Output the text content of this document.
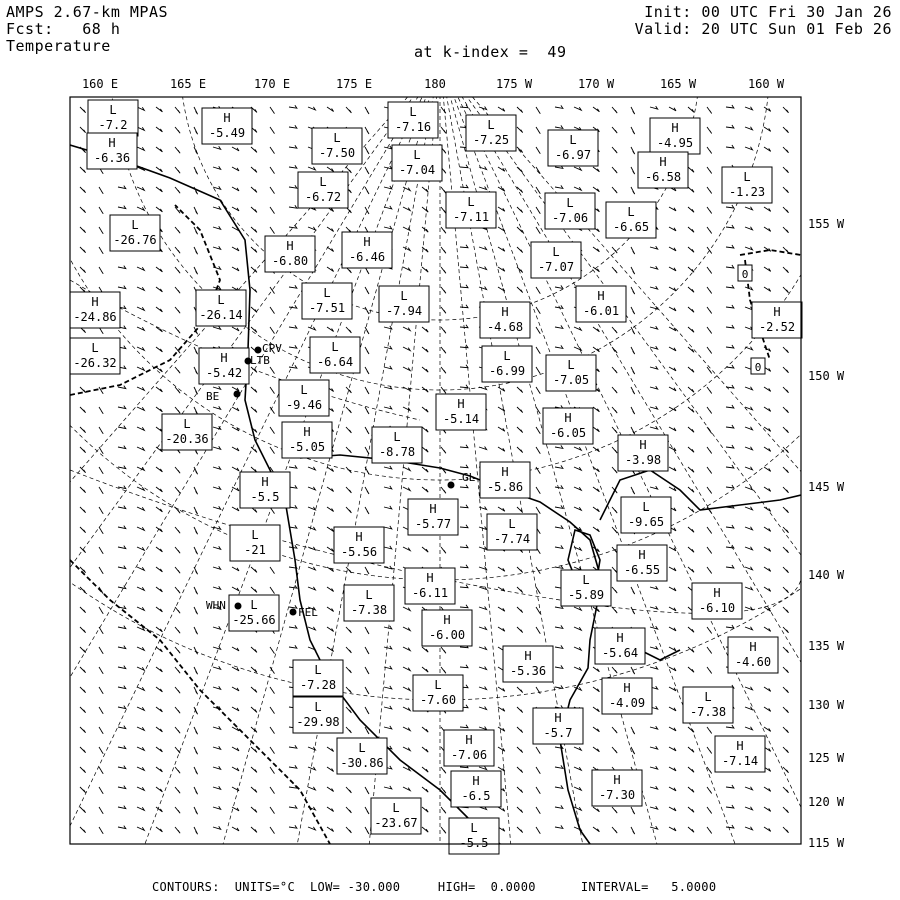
AMPS 2.67-km MPAS
Fcst:   68 h
Temperature
Init: 00 UTC Fri 30 Jan 26
Valid: 20 UTC Sun 01 Feb 26
at k-index =  49
L
-7.2	H
-5.49
L
-7.16	L
-7.25
H
-4.95
H
-6.36
L
-7.50	L
-7.04
L
-6.97	H
-6.58
L
-6.72	L
-7.11
L
-7.06	L
-6.65
L
-1.23
L
-26.76	H
-6.80
H
-6.46	L
-7.07
H
-24.86
L
-26.14
L
-7.51
L
-7.94	H
-4.68
H
-6.01	H
-2.52
L
-26.32	H
-5.42
L
-6.64	L
-6.99	L
-7.05
L
-9.46	H
-5.14
L
-20.36	H
-5.05
L
-8.78
H
-6.05
H
-3.98
H
-5.86
H
-5.5
H
-5.77	L
-7.74
L
-9.65
L
-21
H
-5.56	H
-6.55
H
-6.11
L
-5.89	H
-6.10
L
-7.38
L
-25.66	H
-6.00	H
-5.64	H
-4.60
H
-5.36
L
-7.28	L
-7.60
H
-4.09
L
-29.98
L
-7.38
H
-5.7
H
-7.06
L
-30.86
H
-7.14
H
-7.30
H
-6.5
L
-23.67	L
-5.5
0
0
CPV
LTB
BE
GL
WHN
FEL
160 E	165 E	170 E	175 E	180	175 W	170 W	165 W	160 W
155 W
150 W
145 W
140 W
135 W
130 W
125 W
120 W
115 W
CONTOURS:  UNITS=°C  LOW= -30.000     HIGH=  0.0000      INTERVAL=   5.0000
